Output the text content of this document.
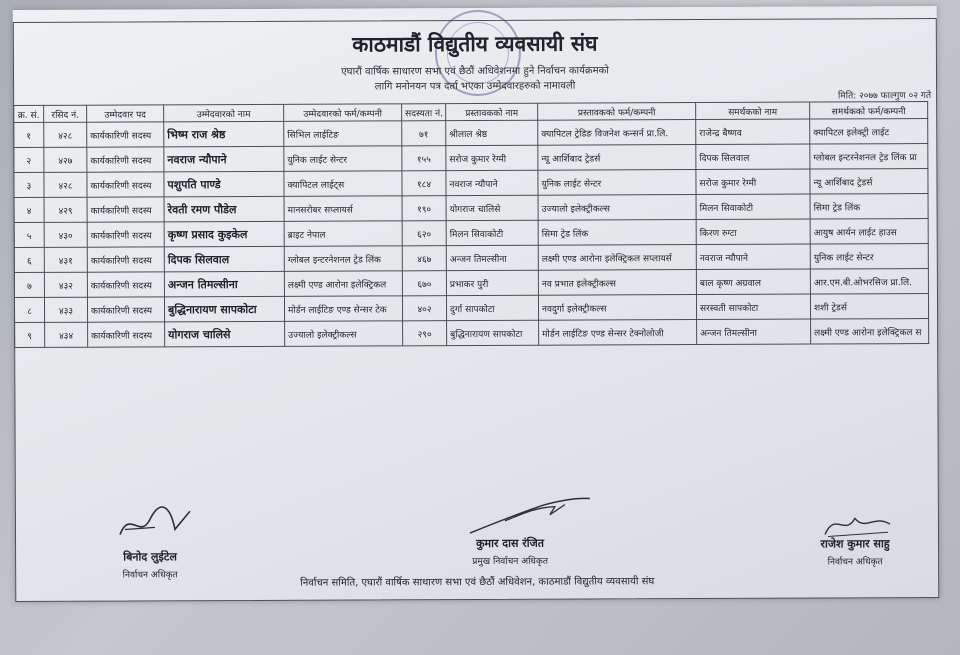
काठमाडौं विद्युतीय व्यवसायी संघ
एघारौं वार्षिक साधारण सभा एवं छैठौं अधिवेशनमा हुने निर्वाचन कार्यक्रमको
लागि मनोनयन पत्र दर्ता भएका उम्मेदवारहरुको नामावली
मिति: २०७७ फाल्गुण ०२ गते
क्र. सं.	रसिद नं.	उम्मेदवार पद	उम्मेदवारको नाम	उम्मेदवारको फर्म/कम्पनी	सदस्यता नं.	प्रस्तावकको नाम	प्रस्तावकको फर्म/कम्पनी	समर्थकको नाम	समर्थकको फर्म/कम्पनी
१	४२८	कार्यकारिणी सदस्य	भिष्म राज श्रेष्ठ	सिभिल लाईटिङ	७१	श्रीलाल श्रेष्ठ	क्यापिटल ट्रेडिङ विजनेश कन्सर्न प्रा.लि.	राजेन्द्र बैष्णव	क्यापिटल इलेक्ट्री लाईट
२	४२७	कार्यकारिणी सदस्य	नवराज न्यौपाने	युनिक लाईट सेन्टर	१५५	सरोज कुमार रेग्मी	न्यू आर्शिबाद ट्रेडर्स	दिपक सिलवाल	ग्लोबल इन्टरनेशनल ट्रेड लिंक प्रा
३	४२८	कार्यकारिणी सदस्य	पशुपति पाण्डे	क्यापिटल लाईट्स	१८४	नवराज न्यौपाने	युनिक लाईट सेन्टर	सरोज कुमार रेग्मी	न्यू आर्शिबाद ट्रेडर्स
४	४२९	कार्यकारिणी सदस्य	रेवती रमण पौडेल	मानसरोबर सप्लायर्स	१९०	योगराज चालिसे	उज्यालो इलेक्ट्रीकल्स	मिलन सिवाकोटी	सिमा ट्रेड लिंक
५	४३०	कार्यकारिणी सदस्य	कृष्ण प्रसाद कुइकेल	ब्राइट नेपाल	६२०	मिलन सिवाकोटी	सिमा ट्रेड लिंक	किरण रुग्टा	आयुष आर्यन लाईट हाउस
६	४३१	कार्यकारिणी सदस्य	दिपक सिलवाल	ग्लोबल इन्टरनेशनल ट्रेड लिंक	४६७	अन्जन तिमल्सीना	लक्ष्मी एण्ड आरोना इलेक्ट्रिकल सप्लायर्स	नवराज न्यौपाने	युनिक लाईट सेन्टर
७	४३२	कार्यकारिणी सदस्य	अन्जन तिमल्सीना	लक्ष्मी एण्ड आरोना इलेक्ट्रिकल	६७०	प्रभाकर पुरी	नव प्रभात इलेक्ट्रीकल्स	बाल कृष्ण अग्रवाल	आर.एम.बी.ओभरसिज प्रा.लि.
८	४३३	कार्यकारिणी सदस्य	बुद्धिनारायण सापकोटा	मोर्डन लाईटिङ एण्ड सेन्सर टेक	४०२	दुर्गा सापकोटा	नवदुर्गा इलेक्ट्रीकल्स	सरस्वती सापकोटा	शशी ट्रेडर्स
९	४३४	कार्यकारिणी सदस्य	योगराज चालिसे	उज्यालो इलेक्ट्रीकल्स	२९०	बुद्धिनारायण सापकोटा	मोर्डन लाईटिङ एण्ड सेन्सर टेक्नोलोजी	अन्जन तिमल्सीना	लक्ष्मी एण्ड आरोना इलेक्ट्रिकल स
बिनोद लुईटेल
निर्वाचन अधिकृत
कुमार दास रंजित
प्रमुख निर्वाचन अधिकृत
राजेश कुमार साहु
निर्वाचन अधिकृत
निर्वाचन समिति, एघारौं वार्षिक साधारण सभा एवं छैठौं अधिवेशन, काठमाडौं विद्युतीय व्यवसायी संघ
